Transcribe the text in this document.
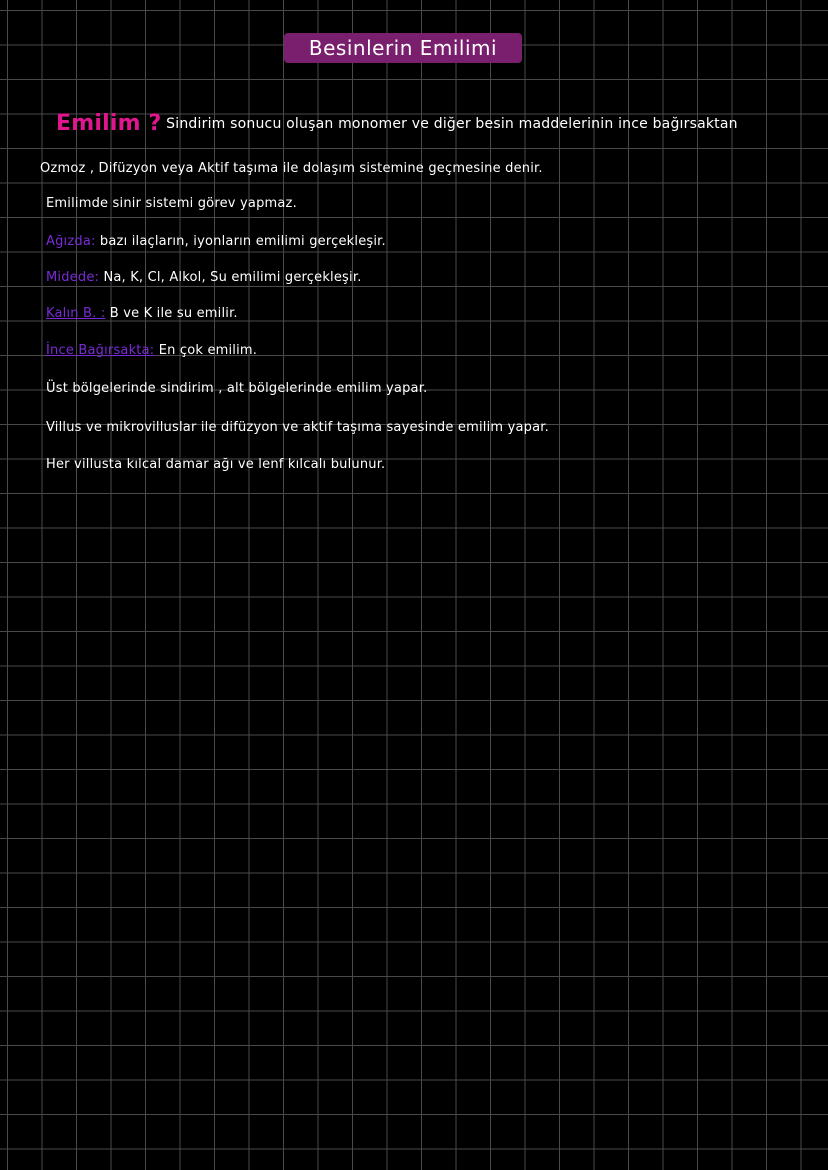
Besinlerin Emilimi
Emilim ? Sindirim sonucu oluşan monomer ve diğer besin maddelerinin ince bağırsaktan
Ozmoz , Difüzyon veya Aktif taşıma ile dolaşım sistemine geçmesine denir.
Emilimde sinir sistemi görev yapmaz.
Ağızda: bazı ilaçların, iyonların emilimi gerçekleşir.
Midede: Na, K, Cl, Alkol, Su emilimi gerçekleşir.
Kalın B. : B ve K ile su emilir.
İnce Bağırsakta: En çok emilim.
Üst bölgelerinde sindirim , alt bölgelerinde emilim yapar.
Villus ve mikrovilluslar ile difüzyon ve aktif taşıma sayesinde emilim yapar.
Her villusta kılcal damar ağı ve lenf kılcalı bulunur.
